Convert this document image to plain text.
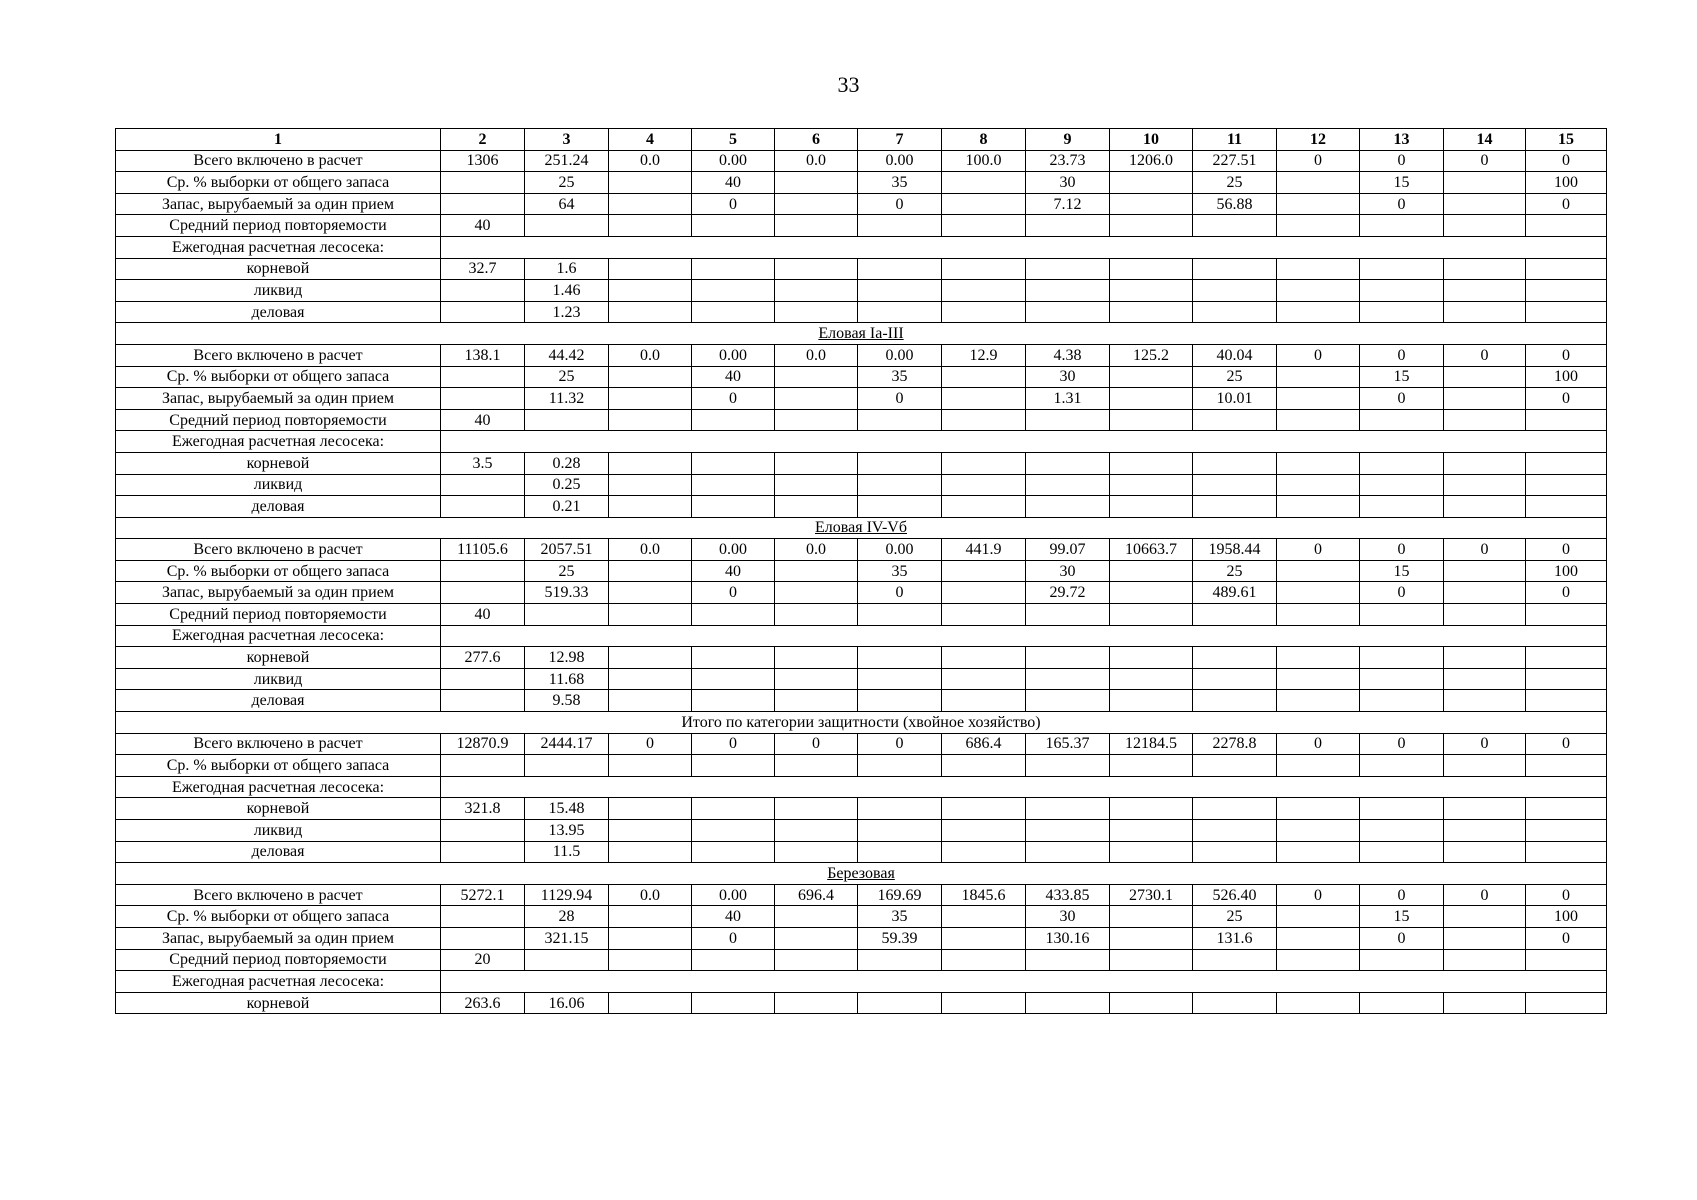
33
1	2	3	4	5	6	7	8	9	10	11	12	13	14	15
Всего включено в расчет	1306	251.24	0.0	0.00	0.0	0.00	100.0	23.73	1206.0	227.51	0	0	0	0
Ср. % выборки от общего запаса		25		40		35		30		25		15		100
Запас, вырубаемый за один прием		64		0		0		7.12		56.88		0		0
Средний период повторяемости	40													
Ежегодная расчетная лесосека:														
корневой	32.7	1.6												
ликвид		1.46												
деловая		1.23												
Еловая Ia-III														
Всего включено в расчет	138.1	44.42	0.0	0.00	0.0	0.00	12.9	4.38	125.2	40.04	0	0	0	0
Ср. % выборки от общего запаса		25		40		35		30		25		15		100
Запас, вырубаемый за один прием		11.32		0		0		1.31		10.01		0		0
Средний период повторяемости	40													
Ежегодная расчетная лесосека:														
корневой	3.5	0.28												
ликвид		0.25												
деловая		0.21												
Еловая IV-Vб														
Всего включено в расчет	11105.6	2057.51	0.0	0.00	0.0	0.00	441.9	99.07	10663.7	1958.44	0	0	0	0
Ср. % выборки от общего запаса		25		40		35		30		25		15		100
Запас, вырубаемый за один прием		519.33		0		0		29.72		489.61		0		0
Средний период повторяемости	40													
Ежегодная расчетная лесосека:														
корневой	277.6	12.98												
ликвид		11.68												
деловая		9.58												
Итого по категории защитности (хвойное хозяйство)														
Всего включено в расчет	12870.9	2444.17	0	0	0	0	686.4	165.37	12184.5	2278.8	0	0	0	0
Ср. % выборки от общего запаса														
Ежегодная расчетная лесосека:														
корневой	321.8	15.48												
ликвид		13.95												
деловая		11.5												
Березовая														
Всего включено в расчет	5272.1	1129.94	0.0	0.00	696.4	169.69	1845.6	433.85	2730.1	526.40	0	0	0	0
Ср. % выборки от общего запаса		28		40		35		30		25		15		100
Запас, вырубаемый за один прием		321.15		0		59.39		130.16		131.6		0		0
Средний период повторяемости	20													
Ежегодная расчетная лесосека:														
корневой	263.6	16.06												
